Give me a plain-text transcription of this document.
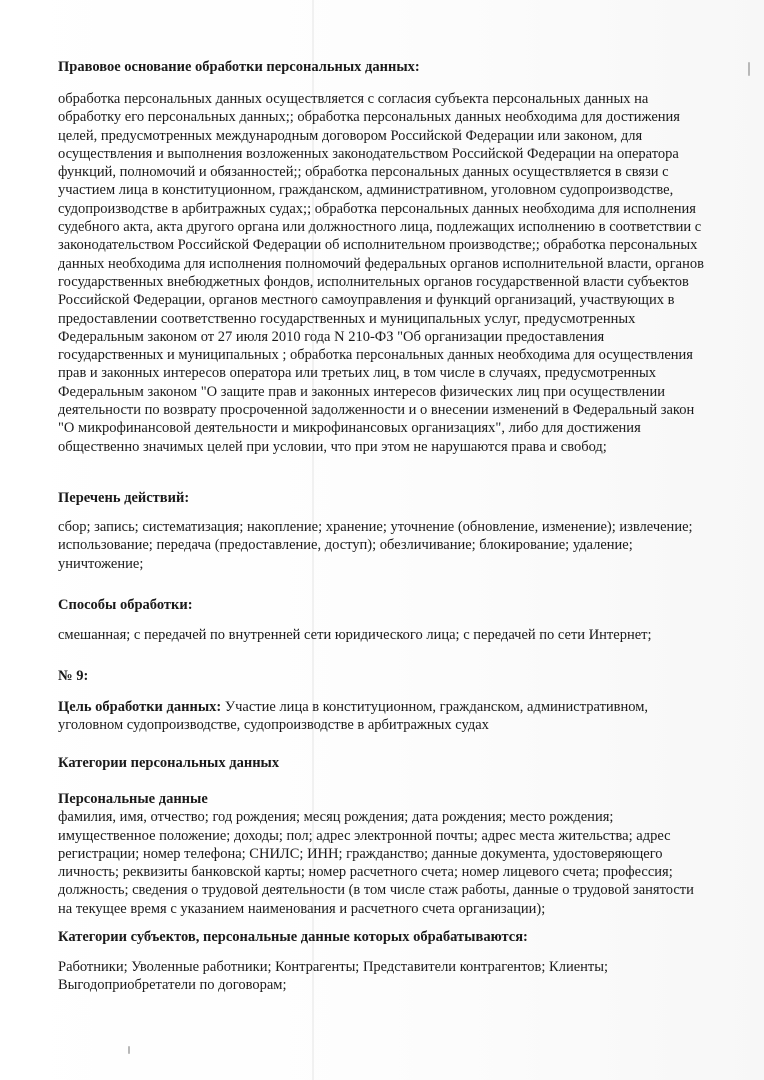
Правовое основание обработки персональных данных:
обработка персональных данных осуществляется с согласия субъекта персональных данных на обработку его персональных данных;; обработка персональных данных необходима для достижения целей, предусмотренных международным договором Российской Федерации или законом, для осуществления и выполнения возложенных законодательством Российской Федерации на оператора функций, полномочий и обязанностей;; обработка персональных данных осуществляется в связи с участием лица в конституционном, гражданском, административном, уголовном судопроизводстве, судопроизводстве в арбитражных судах;; обработка персональных данных необходима для исполнения судебного акта, акта другого органа или должностного лица, подлежащих исполнению в соответствии с законодательством Российской Федерации об исполнительном производстве;; обработка персональных данных необходима для исполнения полномочий федеральных органов исполнительной власти, органов государственных внебюджетных фондов, исполнительных органов государственной власти субъектов Российской Федерации, органов местного самоуправления и функций организаций, участвующих в предоставлении соответственно государственных и муниципальных услуг, предусмотренных Федеральным законом от 27 июля 2010 года N 210-ФЗ "Об организации предоставления государственных и муниципальных ; обработка персональных данных необходима для осуществления прав и законных интересов оператора или третьих лиц, в том числе в случаях, предусмотренных Федеральным законом "О защите прав и законных интересов физических лиц при осуществлении деятельности по возврату просроченной задолженности и о внесении изменений в Федеральный закон "О микрофинансовой деятельности и микрофинансовых организациях", либо для достижения общественно значимых целей при условии, что при этом не нарушаются права и свобод;
Перечень действий:
сбор; запись; систематизация; накопление; хранение; уточнение (обновление, изменение); извлечение; использование; передача (предоставление, доступ); обезличивание; блокирование; удаление; уничтожение;
Способы обработки:
смешанная; с передачей по внутренней сети юридического лица; с передачей по сети Интернет;
№ 9:
Цель обработки данных: Участие лица в конституционном, гражданском, административном, уголовном судопроизводстве, судопроизводстве в арбитражных судах
Категории персональных данных
Персональные данные
фамилия, имя, отчество; год рождения; месяц рождения; дата рождения; место рождения; имущественное положение; доходы; пол; адрес электронной почты; адрес места жительства; адрес регистрации; номер телефона; СНИЛС; ИНН; гражданство; данные документа, удостоверяющего личность; реквизиты банковской карты; номер расчетного счета; номер лицевого счета; профессия; должность; сведения о трудовой деятельности (в том числе стаж работы, данные о трудовой занятости на текущее время с указанием наименования и расчетного счета организации);
Категории субъектов, персональные данные которых обрабатываются:
Работники; Уволенные работники; Контрагенты; Представители контрагентов; Клиенты; Выгодоприобретатели по договорам;
